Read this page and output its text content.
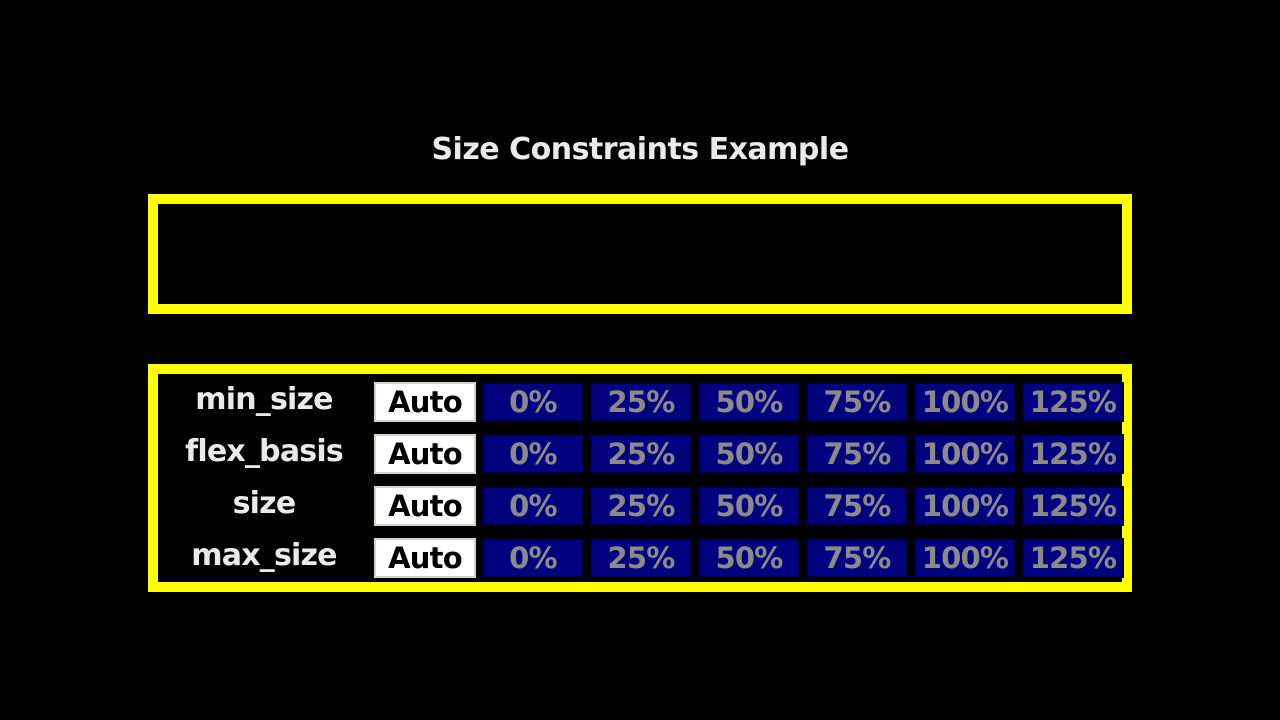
Size Constraints Example
min_size	Auto	0%	25%	50%	75%	100% 125%
flex_basis	Auto	0%	25%	50%	75%	100% 125%
size	Auto	0%	25%	50%	75%	100% 125%
max_size	Auto	0%	25%	50%	75%	100% 125%
